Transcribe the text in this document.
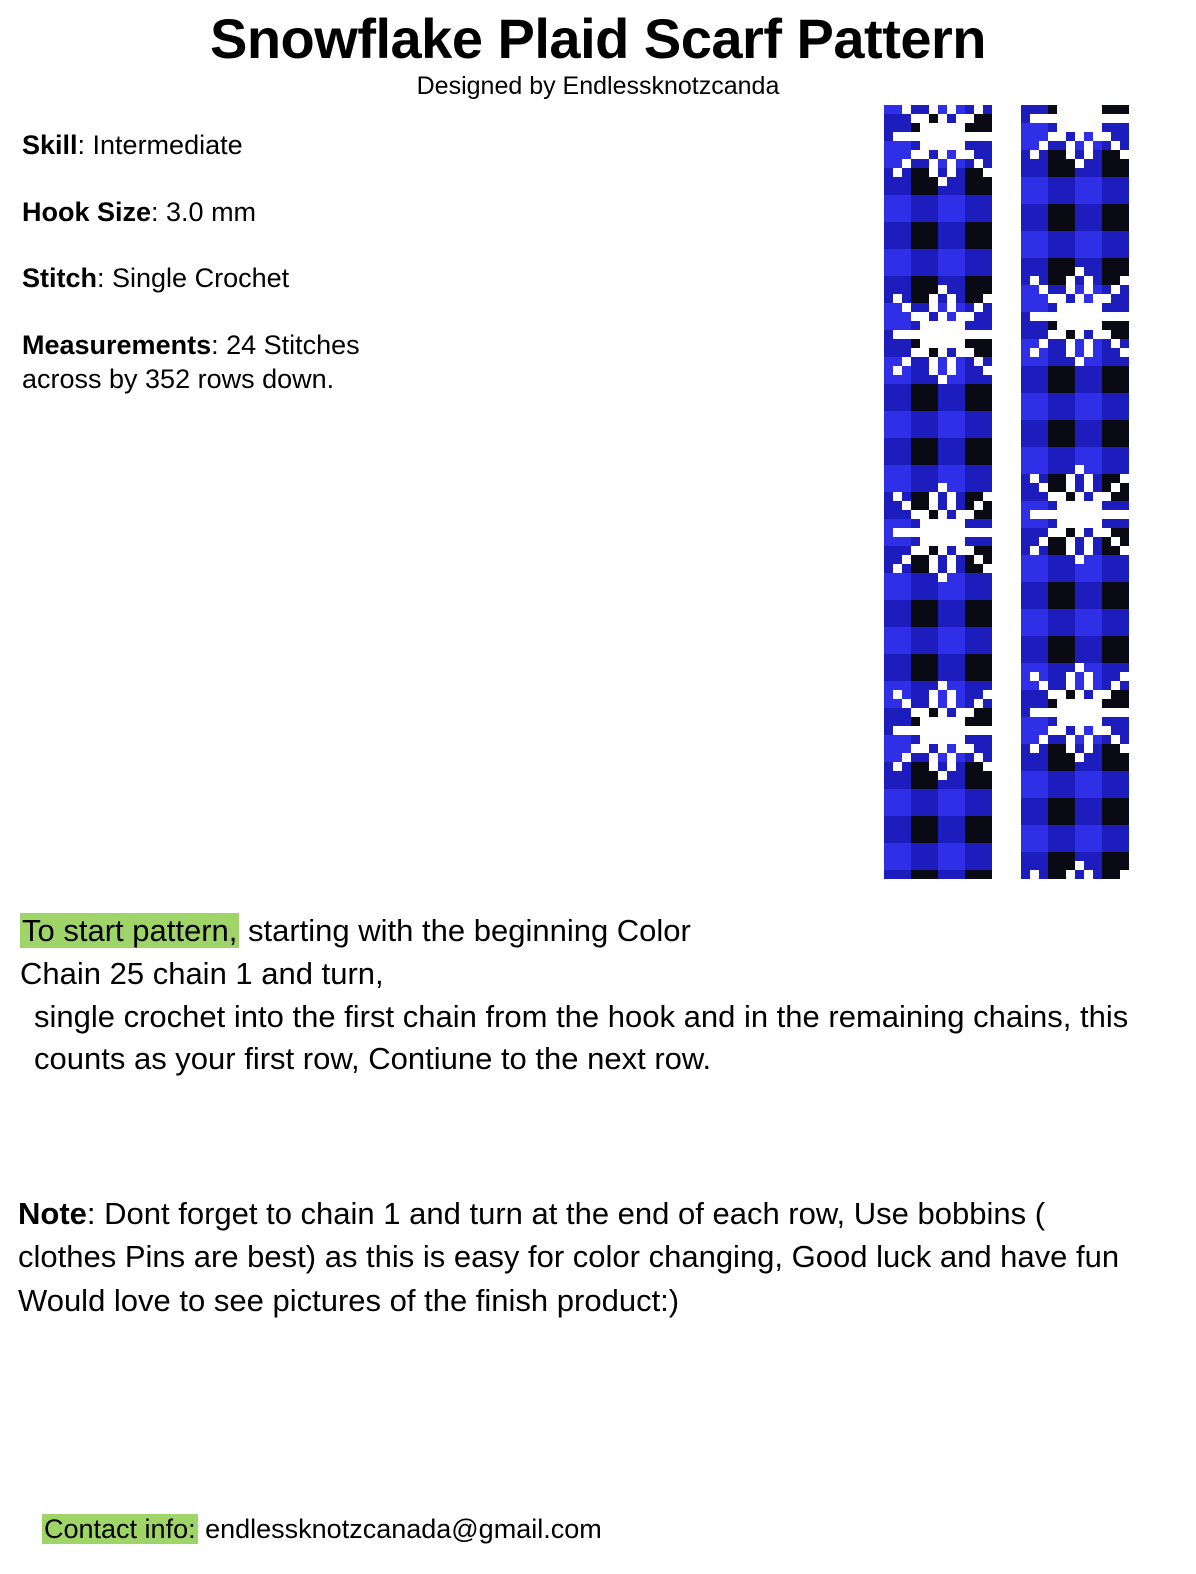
Snowflake Plaid Scarf Pattern
Designed by Endlessknotzcanda
Skill: Intermediate
Hook Size: 3.0 mm
Stitch: Single Crochet
Measurements: 24 Stitches across by 352 rows down.
To start pattern, starting with the beginning Color
Chain 25 chain 1 and turn,
single crochet into the first chain from the hook and in the remaining chains, this counts as your first row, Contiune to the next row.
Note: Dont forget to chain 1 and turn at the end of each row, Use bobbins ( clothes Pins are best) as this is easy for color changing, Good luck and have fun Would love to see pictures of the finish product:)
Contact info: endlessknotzcanada@gmail.com
